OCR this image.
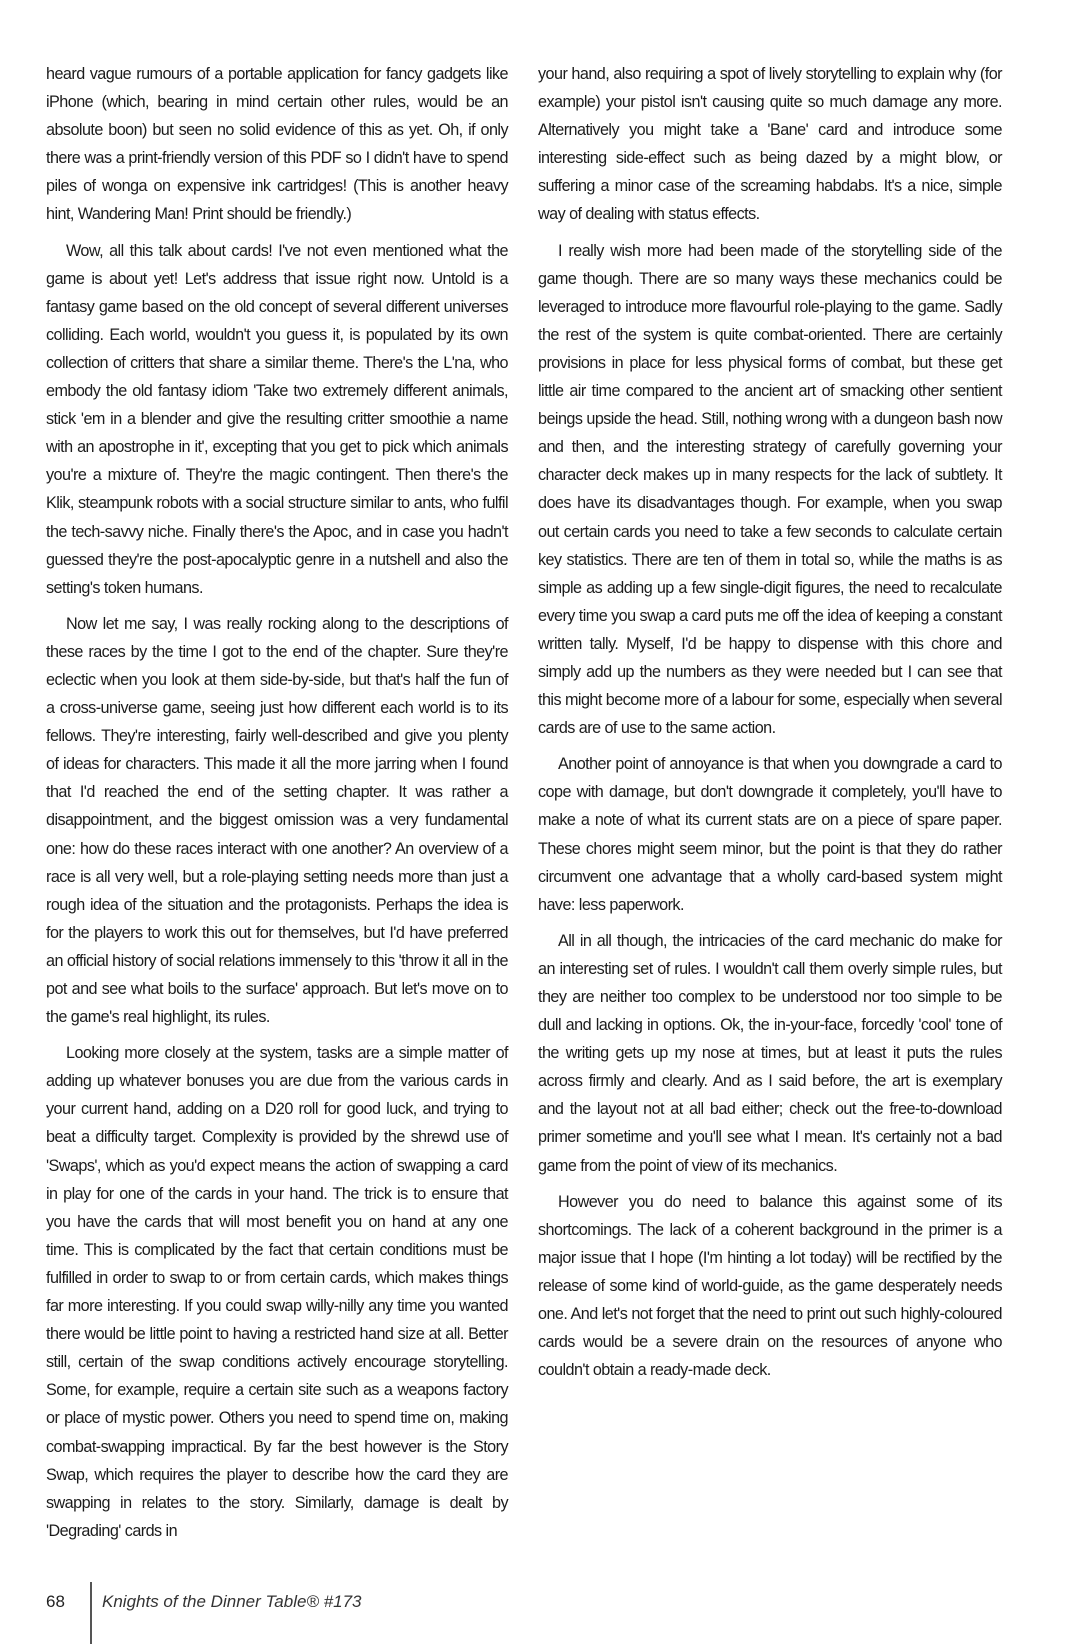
heard vague rumours of a portable application for fancy gadgets like iPhone (which, bearing in mind certain other rules, would be an absolute boon) but seen no solid evidence of this as yet. Oh, if only there was a print-friendly version of this PDF so I didn't have to spend piles of wonga on expensive ink cartridges! (This is another heavy hint, Wandering Man! Print should be friendly.)

Wow, all this talk about cards! I've not even mentioned what the game is about yet! Let's address that issue right now. Untold is a fantasy game based on the old concept of several different universes colliding. Each world, wouldn't you guess it, is populated by its own collection of critters that share a similar theme. There's the L'na, who embody the old fantasy idiom 'Take two extremely different animals, stick 'em in a blender and give the resulting critter smoothie a name with an apostrophe in it', excepting that you get to pick which animals you're a mixture of. They're the magic contingent. Then there's the Klik, steampunk robots with a social structure similar to ants, who fulfil the tech-savvy niche. Finally there's the Apoc, and in case you hadn't guessed they're the post-apocalyptic genre in a nutshell and also the setting's token humans.

Now let me say, I was really rocking along to the descriptions of these races by the time I got to the end of the chapter. Sure they're eclectic when you look at them side-by-side, but that's half the fun of a cross-universe game, seeing just how different each world is to its fellows. They're interesting, fairly well-described and give you plenty of ideas for characters. This made it all the more jarring when I found that I'd reached the end of the setting chapter. It was rather a disappointment, and the biggest omission was a very fundamental one: how do these races interact with one another? An overview of a race is all very well, but a role-playing setting needs more than just a rough idea of the situation and the protagonists. Perhaps the idea is for the players to work this out for themselves, but I'd have preferred an official history of social relations immensely to this 'throw it all in the pot and see what boils to the surface' approach. But let's move on to the game's real highlight, its rules.

Looking more closely at the system, tasks are a simple matter of adding up whatever bonuses you are due from the various cards in your current hand, adding on a D20 roll for good luck, and trying to beat a difficulty target. Complexity is provided by the shrewd use of 'Swaps', which as you'd expect means the action of swapping a card in play for one of the cards in your hand. The trick is to ensure that you have the cards that will most benefit you on hand at any one time. This is complicated by the fact that certain conditions must be fulfilled in order to swap to or from certain cards, which makes things far more interesting. If you could swap willy-nilly any time you wanted there would be little point to having a restricted hand size at all. Better still, certain of the swap conditions actively encourage storytelling. Some, for example, require a certain site such as a weapons factory or place of mystic power. Others you need to spend time on, making combat-swapping impractical. By far the best however is the Story Swap, which requires the player to describe how the card they are swapping in relates to the story. Similarly, damage is dealt by 'Degrading' cards in

your hand, also requiring a spot of lively storytelling to explain why (for example) your pistol isn't causing quite so much damage any more. Alternatively you might take a 'Bane' card and introduce some interesting side-effect such as being dazed by a might blow, or suffering a minor case of the screaming habdabs. It's a nice, simple way of dealing with status effects.

I really wish more had been made of the storytelling side of the game though. There are so many ways these mechanics could be leveraged to introduce more flavourful role-playing to the game. Sadly the rest of the system is quite combat-oriented. There are certainly provisions in place for less physical forms of combat, but these get little air time compared to the ancient art of smacking other sentient beings upside the head. Still, nothing wrong with a dungeon bash now and then, and the interesting strategy of carefully governing your character deck makes up in many respects for the lack of subtlety. It does have its disadvantages though. For example, when you swap out certain cards you need to take a few seconds to calculate certain key statistics. There are ten of them in total so, while the maths is as simple as adding up a few single-digit figures, the need to recalculate every time you swap a card puts me off the idea of keeping a constant written tally. Myself, I'd be happy to dispense with this chore and simply add up the numbers as they were needed but I can see that this might become more of a labour for some, especially when several cards are of use to the same action.

Another point of annoyance is that when you downgrade a card to cope with damage, but don't downgrade it completely, you'll have to make a note of what its current stats are on a piece of spare paper. These chores might seem minor, but the point is that they do rather circumvent one advantage that a wholly card-based system might have: less paperwork.

All in all though, the intricacies of the card mechanic do make for an interesting set of rules. I wouldn't call them overly simple rules, but they are neither too complex to be understood nor too simple to be dull and lacking in options. Ok, the in-your-face, forcedly 'cool' tone of the writing gets up my nose at times, but at least it puts the rules across firmly and clearly. And as I said before, the art is exemplary and the layout not at all bad either; check out the free-to-download primer sometime and you'll see what I mean. It's certainly not a bad game from the point of view of its mechanics.

However you do need to balance this against some of its shortcomings. The lack of a coherent background in the primer is a major issue that I hope (I'm hinting a lot today) will be rectified by the release of some kind of world-guide, as the game desperately needs one. And let's not forget that the need to print out such highly-coloured cards would be a severe drain on the resources of anyone who couldn't obtain a ready-made deck.

68 Knights of the Dinner Table® #173
